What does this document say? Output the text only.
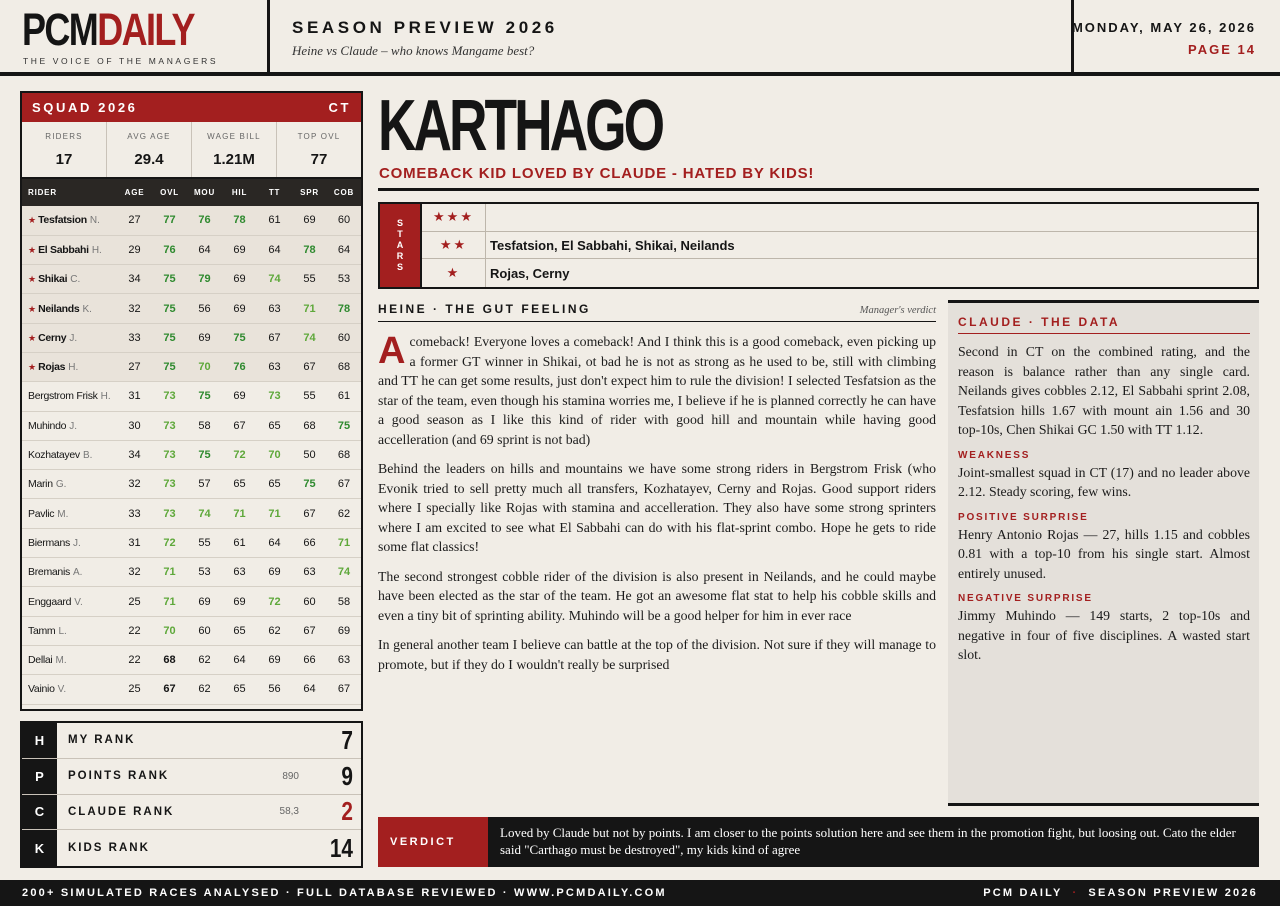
PCMDAILY
THE VOICE OF THE MANAGERS
SEASON PREVIEW 2026
Heine vs Claude – who knows Mangame best?
MONDAY, MAY 26, 2026
PAGE 14
SQUAD 2026	CT
RIDERS
17
AVG AGE
29.4
WAGE BILL
1.21M
TOP OVL
77
RIDER	AGE	OVL	MOU	HIL	TT	SPR	COB
★ Tesfatsion N.	27	77	76	78	61	69	60
★ El Sabbahi H.	29	76	64	69	64	78	64
★ Shikai C.	34	75	79	69	74	55	53
★ Neilands K.	32	75	56	69	63	71	78
★ Cerny J.	33	75	69	75	67	74	60
★ Rojas H.	27	75	70	76	63	67	68
Bergstrom Frisk H.	31	73	75	69	73	55	61
Muhindo J.	30	73	58	67	65	68	75
Kozhatayev B.	34	73	75	72	70	50	68
Marin G.	32	73	57	65	65	75	67
Pavlic M.	33	73	74	71	71	67	62
Biermans J.	31	72	55	61	64	66	71
Bremanis A.	32	71	53	63	69	63	74
Enggaard V.	25	71	69	69	72	60	58
Tamm L.	22	70	60	65	62	67	69
Dellai M.	22	68	62	64	69	66	63
Vainio V.	25	67	62	65	56	64	67
H	MY RANK	7
P	POINTS RANK	890	9
C	CLAUDE RANK	58,3	2
K	KIDS RANK	14
KARTHAGO
COMEBACK KID LOVED BY CLAUDE - HATED BY KIDS!
S
T
A
R
S
★★★
★★	Tesfatsion, El Sabbahi, Shikai, Neilands
★	Rojas, Cerny
HEINE · THE GUT FEELING	Manager's verdict

A comeback! Everyone loves a comeback! And I think this is a good comeback, even picking up a former GT winner in Shikai, ot bad he is not as strong as he used to be, still with climbing and TT he can get some results, just don't expect him to rule the division! I selected Tesfatsion as the star of the team, even though his stamina worries me, I believe if he is planned correctly he can have a good season as I like this kind of rider with good hill and mountain while having good accelleration (and 69 sprint is not bad)

Behind the leaders on hills and mountains we have some strong riders in Bergstrom Frisk (who Evonik tried to sell pretty much all transfers, Kozhatayev, Cerny and Rojas. Good support riders where I specially like Rojas with stamina and accelleration. They also have some strong sprinters where I am excited to see what El Sabbahi can do with his flat-sprint combo. Hope he gets to ride some flat classics!

The second strongest cobble rider of the division is also present in Neilands, and he could maybe have been elected as the star of the team. He got an awesome flat stat to help his cobble skills and even a tiny bit of sprinting ability. Muhindo will be a good helper for him in ever race

In general another team I believe can battle at the top of the division. Not sure if they will manage to promote, but if they do I wouldn't really be surprised

CLAUDE · THE DATA

Second in CT on the combined rating, and the reason is balance rather than any single card. Neilands gives cobbles 2.12, El Sabbahi sprint 2.08, Tesfatsion hills 1.67 with mount ain 1.56 and 30 top-10s, Chen Shikai GC 1.50 with TT 1.12.

WEAKNESS

Joint-smallest squad in CT (17) and no leader above 2.12. Steady scoring, few wins.

POSITIVE SURPRISE

Henry Antonio Rojas — 27, hills 1.15 and cobbles 0.81 with a top-10 from his single start. Almost entirely unused.

NEGATIVE SURPRISE

Jimmy Muhindo — 149 starts, 2 top-10s and negative in four of five disciplines. A wasted start slot.

VERDICT
Loved by Claude but not by points. I am closer to the points solution here and see them in the promotion fight, but loosing out. Cato the elder said "Carthago must be destroyed", my kids kind of agree
200+ SIMULATED RACES ANALYSED · FULL DATABASE REVIEWED · WWW.PCMDAILY.COM	PCM DAILY · SEASON PREVIEW 2026
